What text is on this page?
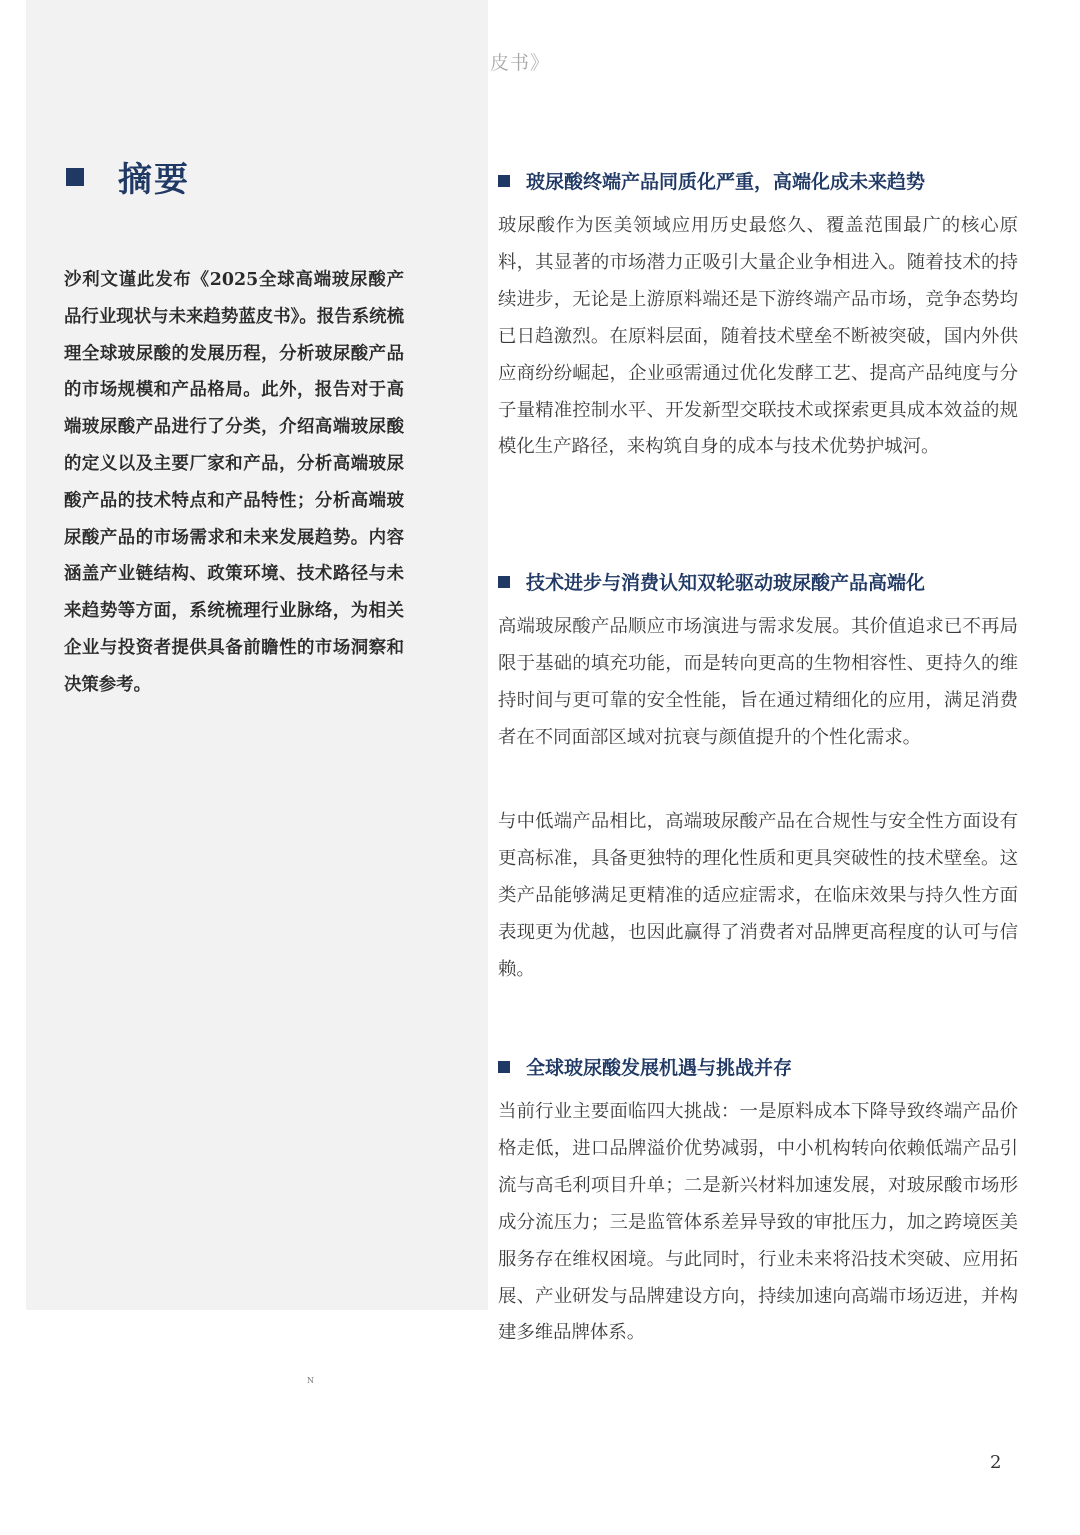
皮书》
摘要

沙利文谨此发布《2025全球高端玻尿酸产品行业现状与未来趋势蓝皮书》。报告系统梳理全球玻尿酸的发展历程，分析玻尿酸产品的市场规模和产品格局。此外，报告对于高端玻尿酸产品进行了分类，介绍高端玻尿酸的定义以及主要厂家和产品，分析高端玻尿酸产品的技术特点和产品特性；分析高端玻尿酸产品的市场需求和未来发展趋势。内容涵盖产业链结构、政策环境、技术路径与未来趋势等方面，系统梳理行业脉络，为相关企业与投资者提供具备前瞻性的市场洞察和决策参考。

玻尿酸终端产品同质化严重，高端化成未来趋势

玻尿酸作为医美领域应用历史最悠久、覆盖范围最广的核心原料，其显著的市场潜力正吸引大量企业争相进入。随着技术的持续进步，无论是上游原料端还是下游终端产品市场，竞争态势均已日趋激烈。在原料层面，随着技术壁垒不断被突破，国内外供应商纷纷崛起，企业亟需通过优化发酵工艺、提高产品纯度与分子量精准控制水平、开发新型交联技术或探索更具成本效益的规模化生产路径，来构筑自身的成本与技术优势护城河。

技术进步与消费认知双轮驱动玻尿酸产品高端化

高端玻尿酸产品顺应市场演进与需求发展。其价值追求已不再局限于基础的填充功能，而是转向更高的生物相容性、更持久的维持时间与更可靠的安全性能，旨在通过精细化的应用，满足消费者在不同面部区域对抗衰与颜值提升的个性化需求。

与中低端产品相比，高端玻尿酸产品在合规性与安全性方面设有更高标准，具备更独特的理化性质和更具突破性的技术壁垒。这类产品能够满足更精准的适应症需求，在临床效果与持久性方面表现更为优越，也因此赢得了消费者对品牌更高程度的认可与信赖。

全球玻尿酸发展机遇与挑战并存

当前行业主要面临四大挑战：一是原料成本下降导致终端产品价格走低，进口品牌溢价优势减弱，中小机构转向依赖低端产品引流与高毛利项目升单；二是新兴材料加速发展，对玻尿酸市场形成分流压力；三是监管体系差异导致的审批压力，加之跨境医美服务存在维权困境。与此同时，行业未来将沿技术突破、应用拓展、产业研发与品牌建设方向，持续加速向高端市场迈进，并构建多维品牌体系。

N
2
